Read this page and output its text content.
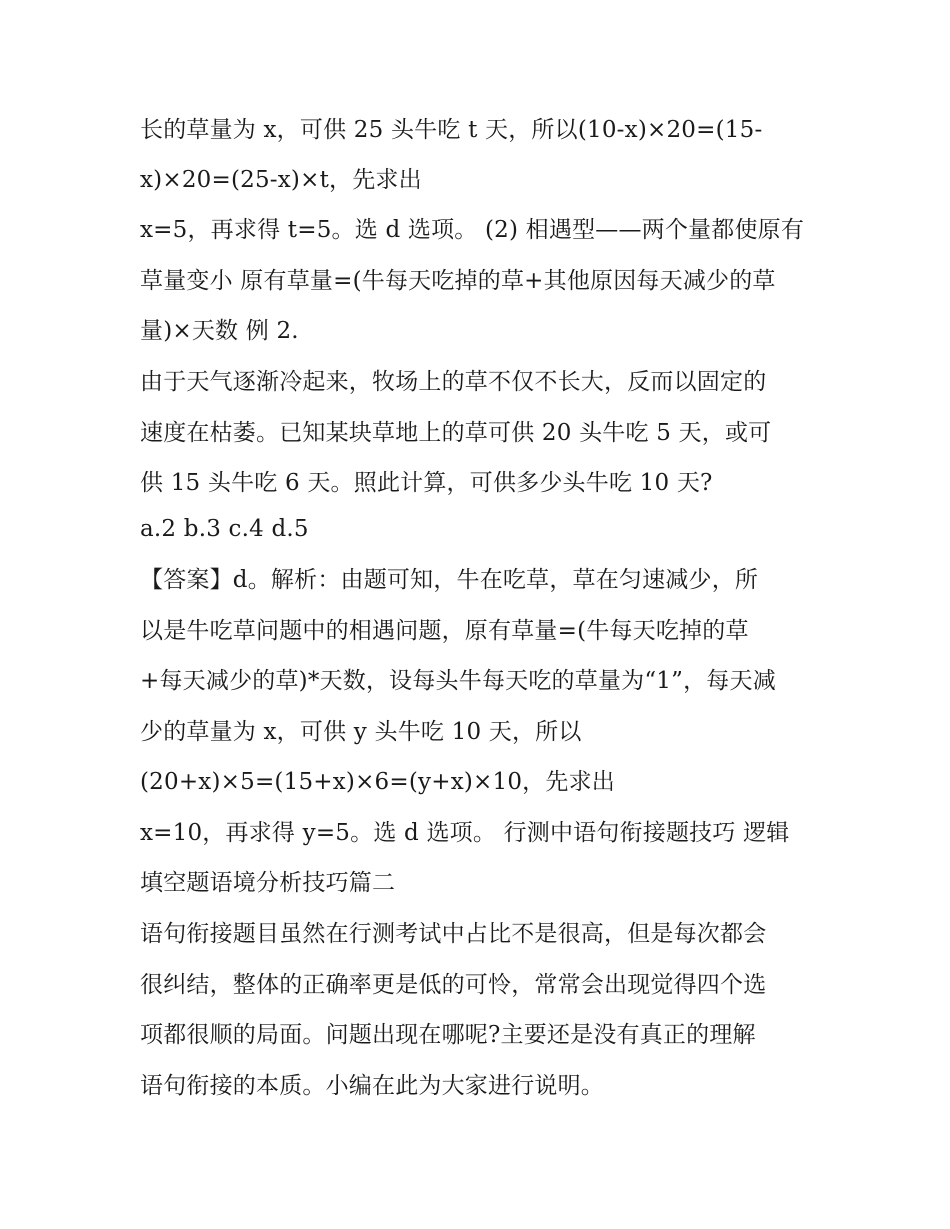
长的草量为 x，可供 25 头牛吃 t 天，所以(10-x)×20=(15-
x)×20=(25-x)×t，先求出
x=5，再求得 t=5。选 d 选项。 (2) 相遇型——两个量都使原有
草量变小 原有草量=(牛每天吃掉的草+其他原因每天减少的草
量)×天数 例 2.
由于天气逐渐冷起来，牧场上的草不仅不长大，反而以固定的
速度在枯萎。已知某块草地上的草可供 20 头牛吃 5 天，或可
供 15 头牛吃 6 天。照此计算，可供多少头牛吃 10 天?
a.2 b.3 c.4 d.5
【答案】d。解析：由题可知，牛在吃草，草在匀速减少，所
以是牛吃草问题中的相遇问题，原有草量=(牛每天吃掉的草
+每天减少的草)*天数，设每头牛每天吃的草量为“1”，每天减
少的草量为 x，可供 y 头牛吃 10 天，所以
(20+x)×5=(15+x)×6=(y+x)×10，先求出
x=10，再求得 y=5。选 d 选项。 行测中语句衔接题技巧 逻辑
填空题语境分析技巧篇二
语句衔接题目虽然在行测考试中占比不是很高，但是每次都会
很纠结，整体的正确率更是低的可怜，常常会出现觉得四个选
项都很顺的局面。问题出现在哪呢?主要还是没有真正的理解
语句衔接的本质。小编在此为大家进行说明。
